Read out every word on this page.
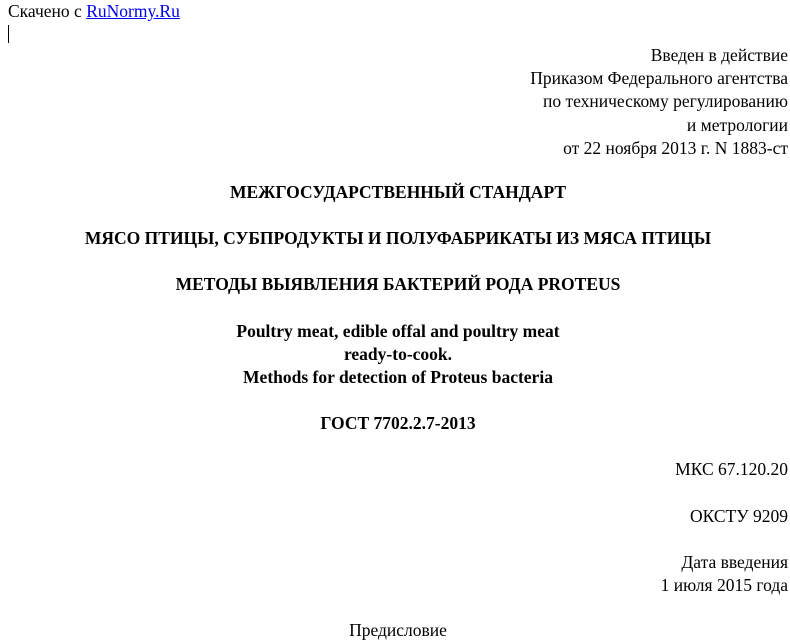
Скачено с RuNormy.Ru
Введен в действие
Приказом Федерального агентства
по техническому регулированию
и метрологии
от 22 ноября 2013 г. N 1883-ст
МЕЖГОСУДАРСТВЕННЫЙ СТАНДАРТ
МЯСО ПТИЦЫ, СУБПРОДУКТЫ И ПОЛУФАБРИКАТЫ ИЗ МЯСА ПТИЦЫ
МЕТОДЫ ВЫЯВЛЕНИЯ БАКТЕРИЙ РОДА PROTEUS
Poultry meat, edible offal and poultry meat
ready-to-cook.
Methods for detection of Proteus bacteria
ГОСТ 7702.2.7-2013
МКС 67.120.20
ОКСТУ 9209
Дата введения
1 июля 2015 года
Предисловие
